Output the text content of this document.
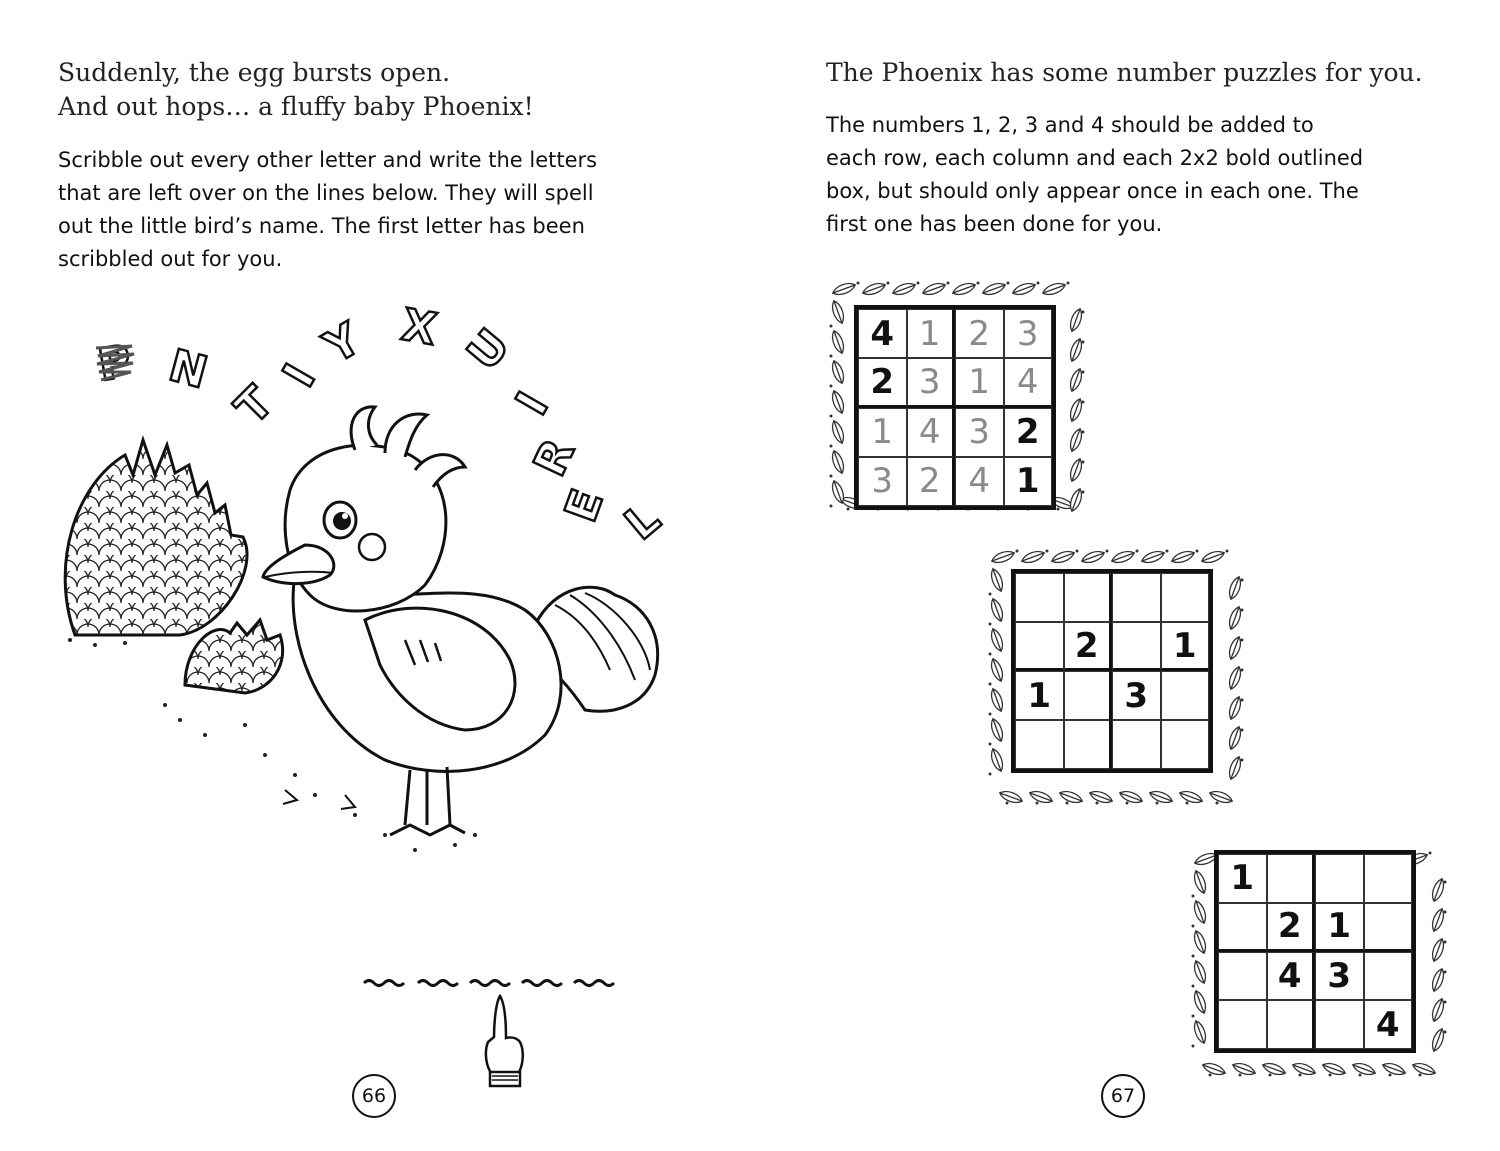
Suddenly, the egg bursts open.
And out hops… a fluffy baby Phoenix!
Scribble out every other letter and write the letters that are left over on the lines below. They will spell out the little bird’s name. The first letter has been scribbled out for you.
P N
T
I
Y X U
I
R
E L
66
The Phoenix has some number puzzles for you.
The numbers 1, 2, 3 and 4 should be added to each row, each column and each 2x2 bold outlined box, but should only appear once in each one. The first one has been done for you.
67
4 1 2 3
2 3 1 4
1 4 3 2
3 2 4 1
2	1
1	3
1
2 1
4 3
4
